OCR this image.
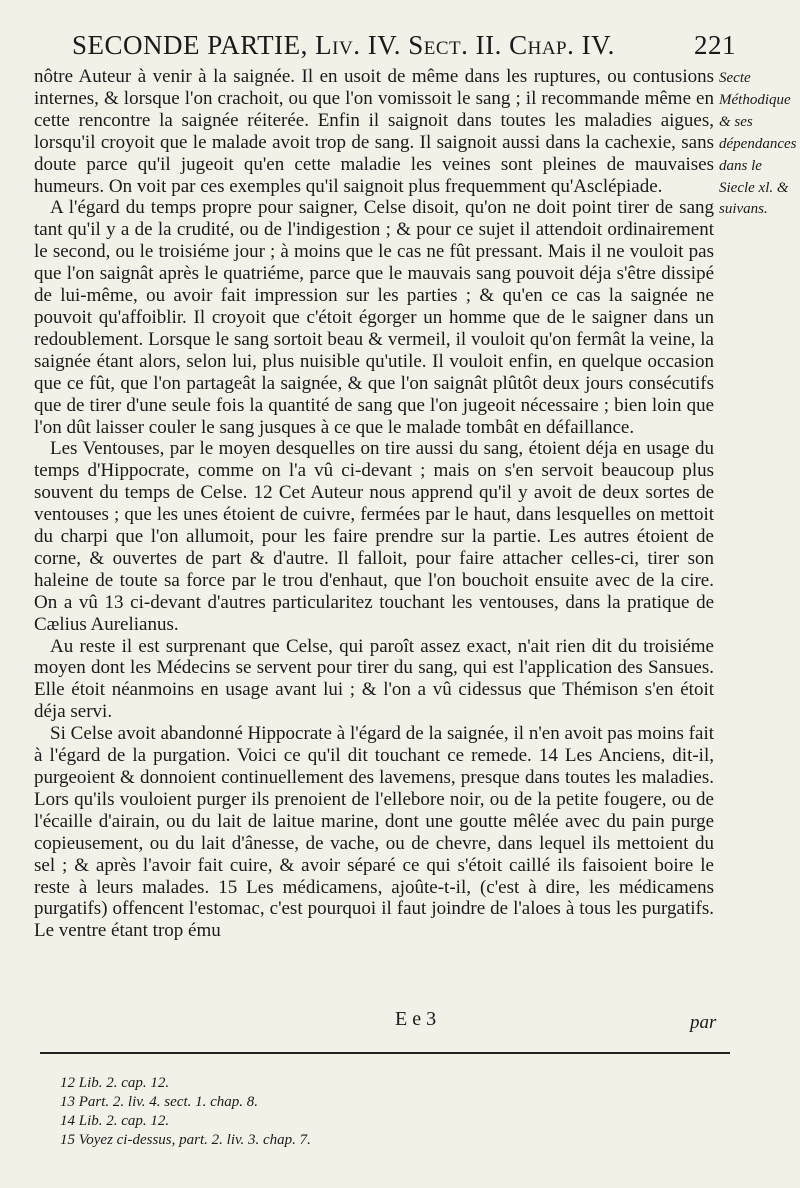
SECONDE PARTIE, Liv. IV. Sect. II. Chap. IV.	221

nôtre Auteur à venir à la saignée. Il en usoit de même dans les ruptures, ou contusions internes, & lorsque l'on crachoit, ou que l'on vomissoit le sang ; il recommande même en cette rencontre la saignée réiterée. Enfin il saignoit dans toutes les maladies aigues, lorsqu'il croyoit que le malade avoit trop de sang. Il saignoit aussi dans la cachexie, sans doute parce qu'il jugeoit qu'en cette maladie les veines sont pleines de mauvaises humeurs. On voit par ces exemples qu'il saignoit plus frequemment qu'Asclépiade.

A l'égard du temps propre pour saigner, Celse disoit, qu'on ne doit point tirer de sang tant qu'il y a de la crudité, ou de l'indigestion ; & pour ce sujet il attendoit ordinairement le second, ou le troisiéme jour ; à moins que le cas ne fût pressant. Mais il ne vouloit pas que l'on saignât après le quatriéme, parce que le mauvais sang pouvoit déja s'être dissipé de lui-même, ou avoir fait impression sur les parties ; & qu'en ce cas la saignée ne pouvoit qu'affoiblir. Il croyoit que c'étoit égorger un homme que de le saigner dans un redoublement. Lorsque le sang sortoit beau & vermeil, il vouloit qu'on fermât la veine, la saignée étant alors, selon lui, plus nuisible qu'utile. Il vouloit enfin, en quelque occasion que ce fût, que l'on partageât la saignée, & que l'on saignât plûtôt deux jours consécutifs que de tirer d'une seule fois la quantité de sang que l'on jugeoit nécessaire ; bien loin que l'on dût laisser couler le sang jusques à ce que le malade tombât en défaillance.

Les Ventouses, par le moyen desquelles on tire aussi du sang, étoient déja en usage du temps d'Hippocrate, comme on l'a vû ci-devant ; mais on s'en servoit beaucoup plus souvent du temps de Celse. 12 Cet Auteur nous apprend qu'il y avoit de deux sortes de ventouses ; que les unes étoient de cuivre, fermées par le haut, dans lesquelles on mettoit du charpi que l'on allumoit, pour les faire prendre sur la partie. Les autres étoient de corne, & ouvertes de part & d'autre. Il falloit, pour faire attacher celles-ci, tirer son haleine de toute sa force par le trou d'enhaut, que l'on bouchoit ensuite avec de la cire. On a vû 13 ci-devant d'autres particularitez touchant les ventouses, dans la pratique de Cælius Aurelianus.

Au reste il est surprenant que Celse, qui paroît assez exact, n'ait rien dit du troisiéme moyen dont les Médecins se servent pour tirer du sang, qui est l'application des Sansues. Elle étoit néanmoins en usage avant lui ; & l'on a vû cidessus que Thémison s'en étoit déja servi.

Si Celse avoit abandonné Hippocrate à l'égard de la saignée, il n'en avoit pas moins fait à l'égard de la purgation. Voici ce qu'il dit touchant ce remede. 14 Les Anciens, dit-il, purgeoient & donnoient continuellement des lavemens, presque dans toutes les maladies. Lors qu'ils vouloient purger ils prenoient de l'ellebore noir, ou de la petite fougere, ou de l'écaille d'airain, ou du lait de laitue marine, dont une goutte mêlée avec du pain purge copieusement, ou du lait d'ânesse, de vache, ou de chevre, dans lequel ils mettoient du sel ; & après l'avoir fait cuire, & avoir séparé ce qui s'étoit caillé ils faisoient boire le reste à leurs malades. 15 Les médicamens, ajoûte-t-il, (c'est à dire, les médicamens purgatifs) offencent l'estomac, c'est pourquoi il faut joindre de l'aloes à tous les purgatifs. Le ventre étant trop ému

Secte Méthodique & ses dépendances dans le Siecle xl. & suivans.
E e 3	par
12 Lib. 2. cap. 12.
13 Part. 2. liv. 4. sect. 1. chap. 8.
14 Lib. 2. cap. 12.
15 Voyez ci-dessus, part. 2. liv. 3. chap. 7.
